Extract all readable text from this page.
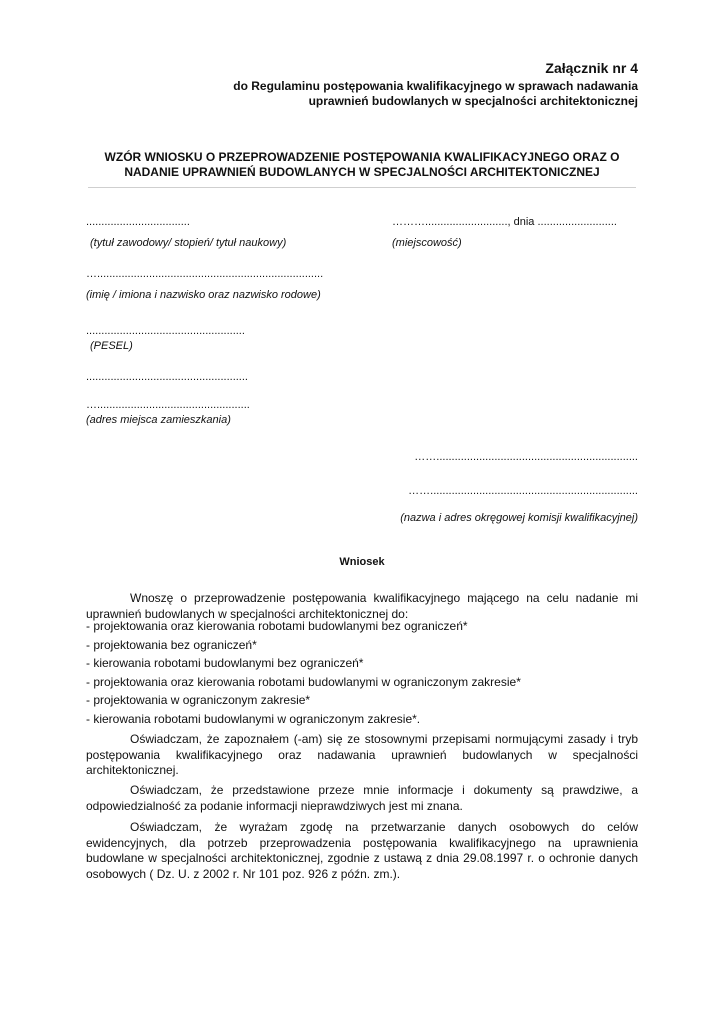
Załącznik nr 4
do Regulaminu postępowania kwalifikacyjnego w sprawach nadawania
uprawnień budowlanych w specjalności architektonicznej
WZÓR WNIOSKU O PRZEPROWADZENIE POSTĘPOWANIA KWALIFIKACYJNEGO ORAZ O
NADANIE UPRAWNIEŃ BUDOWLANYCH W SPECJALNOŚCI ARCHITEKTONICZNEJ
..................................
(tytuł zawodowy/ stopień/ tytuł naukowy)
………..........................., dnia ..........................
(miejscowość)
…..........................................................................
(imię / imiona i nazwisko oraz nazwisko rodowe)
....................................................
(PESEL)
.....................................................
…..................................................
(adres miejsca zamieszkania)
……..................................................................
……....................................................................
(nazwa i adres okręgowej komisji kwalifikacyjnej)
Wniosek
Wnoszę o przeprowadzenie postępowania kwalifikacyjnego mającego na celu nadanie mi
uprawnień budowlanych w specjalności architektonicznej do:
- projektowania oraz kierowania robotami budowlanymi bez ograniczeń*
- projektowania bez ograniczeń*
- kierowania robotami budowlanymi bez ograniczeń*
- projektowania oraz kierowania robotami budowlanymi w ograniczonym zakresie*
- projektowania w ograniczonym zakresie*
- kierowania robotami budowlanymi w ograniczonym zakresie*.
Oświadczam, że zapoznałem (-am) się ze stosownymi przepisami normującymi zasady i tryb postępowania kwalifikacyjnego oraz nadawania uprawnień budowlanych w specjalności architektonicznej.
Oświadczam, że przedstawione przeze mnie informacje i dokumenty są prawdziwe, a odpowiedzialność za podanie informacji nieprawdziwych jest mi znana.
Oświadczam, że wyrażam zgodę na przetwarzanie danych osobowych do celów ewidencyjnych, dla potrzeb przeprowadzenia postępowania kwalifikacyjnego na uprawnienia budowlane w specjalności architektonicznej, zgodnie z ustawą z dnia 29.08.1997 r. o ochronie danych osobowych ( Dz. U. z 2002 r. Nr 101 poz. 926 z późn. zm.).
